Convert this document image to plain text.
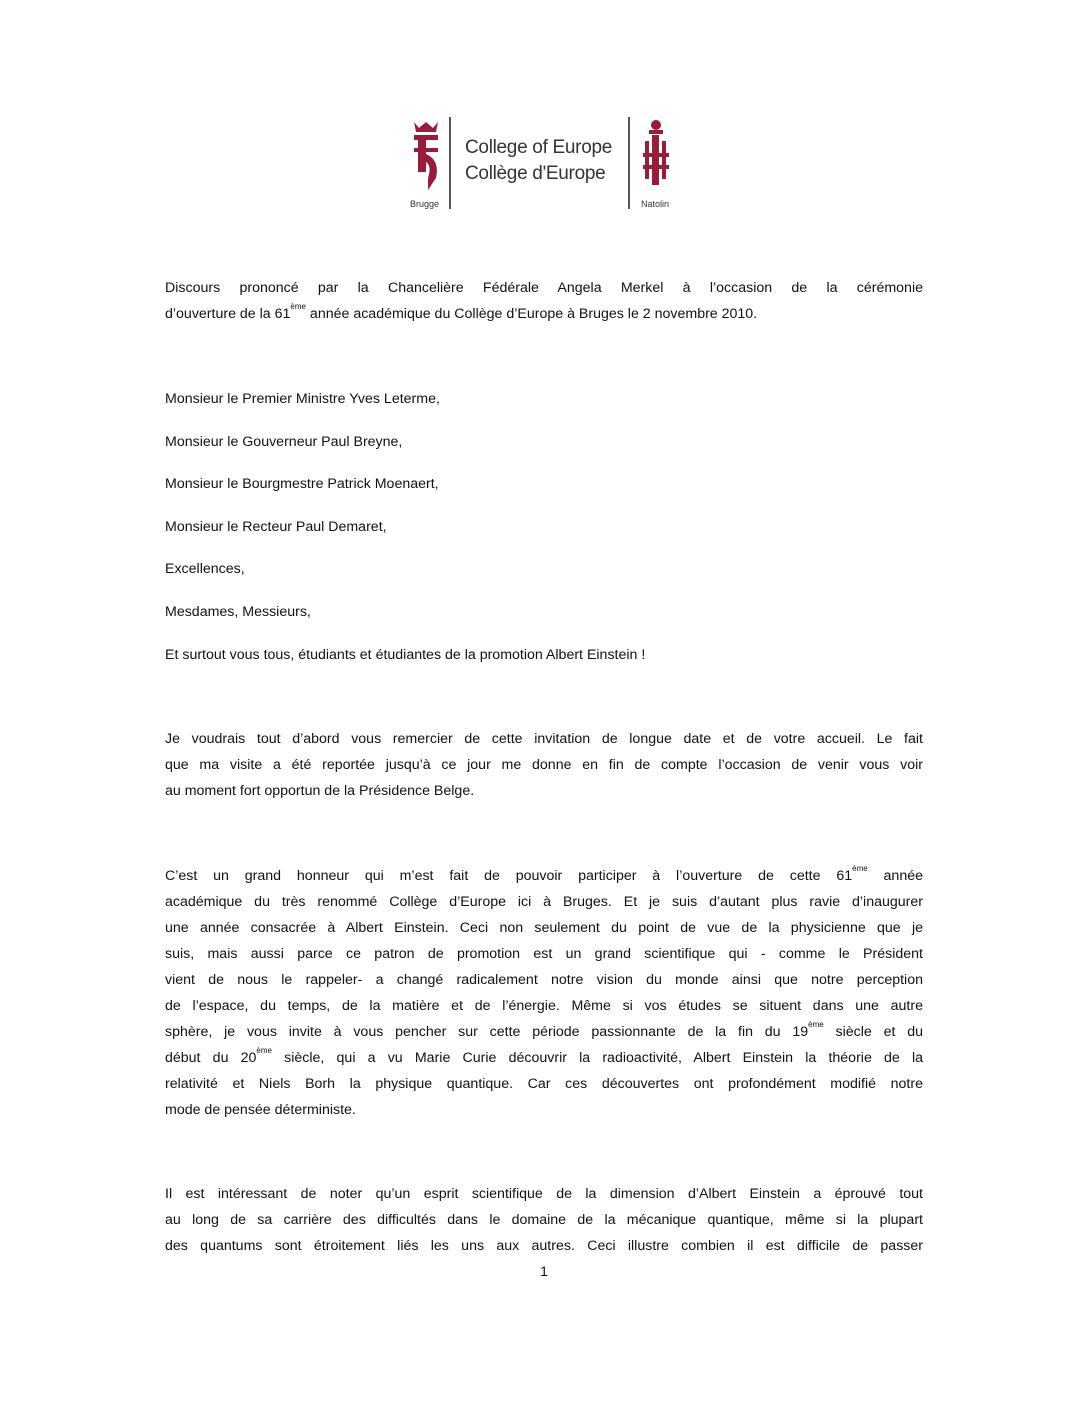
Brugge
College of Europe
Collège d'Europe
Natolin
Discours prononcé par la Chancelière Fédérale Angela Merkel à l’occasion de la cérémonie
d’ouverture de la 61ème année académique du Collège d’Europe à Bruges le 2 novembre 2010.
Monsieur le Premier Ministre Yves Leterme,
Monsieur le Gouverneur Paul Breyne,
Monsieur le Bourgmestre Patrick Moenaert,
Monsieur le Recteur Paul Demaret,
Excellences,
Mesdames, Messieurs,
Et surtout vous tous, étudiants et étudiantes de la promotion Albert Einstein !
Je voudrais tout d’abord vous remercier de cette invitation de longue date et de votre accueil. Le fait
que ma visite a été reportée jusqu’à ce jour me donne en fin de compte l’occasion de venir vous voir
au moment fort opportun de la Présidence Belge.
C’est un grand honneur qui m’est fait de pouvoir participer à l’ouverture de cette 61ème année
académique du très renommé Collège d’Europe ici à Bruges. Et je suis d’autant plus ravie d’inaugurer
une année consacrée à Albert Einstein. Ceci non seulement du point de vue de la physicienne que je
suis, mais aussi parce ce patron de promotion est un grand scientifique qui - comme le Président
vient de nous le rappeler- a changé radicalement notre vision du monde ainsi que notre perception
de l’espace, du temps, de la matière et de l’énergie. Même si vos études se situent dans une autre
sphère, je vous invite à vous pencher sur cette période passionnante de la fin du 19ème siècle et du
début du 20ème siècle, qui a vu Marie Curie découvrir la radioactivité, Albert Einstein la théorie de la
relativité et Niels Borh la physique quantique. Car ces découvertes ont profondément modifié notre
mode de pensée déterministe.
Il est intéressant de noter qu’un esprit scientifique de la dimension d’Albert Einstein a éprouvé tout
au long de sa carrière des difficultés dans le domaine de la mécanique quantique, même si la plupart
des quantums sont étroitement liés les uns aux autres. Ceci illustre combien il est difficile de passer
1
